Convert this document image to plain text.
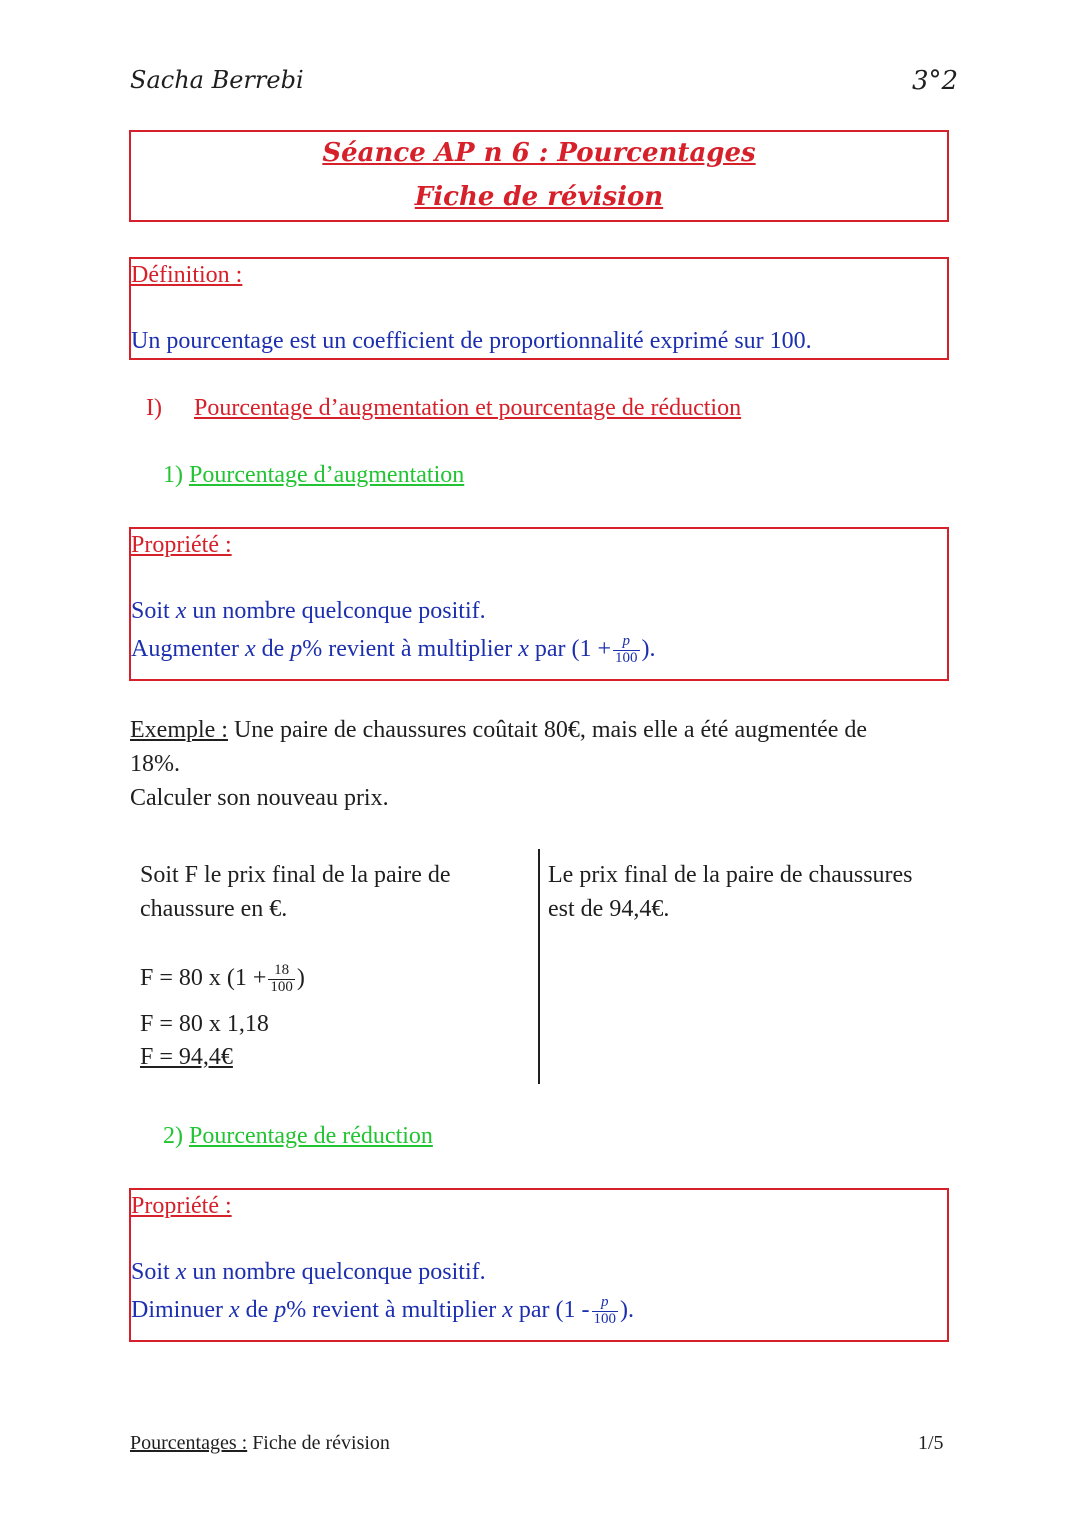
Sacha Berrebi	3°2
Séance AP n 6 : Pourcentages
Fiche de révision
Définition :
Un pourcentage est un coefficient de proportionnalité exprimé sur 100.
I) Pourcentage d’augmentation et pourcentage de réduction
1) Pourcentage d’augmentation
Propriété :
Soit x un nombre quelconque positif.
Augmenter x de p% revient à multiplier x par ($1 + \frac{p}{100}$ ).
Exemple : Une paire de chaussures coûtait 80€, mais elle a été augmentée de
18%.
Calculer son nouveau prix.
Soit F le prix final de la paire de
chaussure en €.
F = 80 x ($1 + \frac{18}{100}$ )
F = 80 x 1,18
F = 94,4€
Le prix final de la paire de chaussures
est de 94,4€.
2) Pourcentage de réduction
Propriété :
Soit x un nombre quelconque positif.
Diminuer x de p% revient à multiplier x par ($1 - \frac{p}{100}$ ).
Pourcentages : Fiche de révision	1/5
